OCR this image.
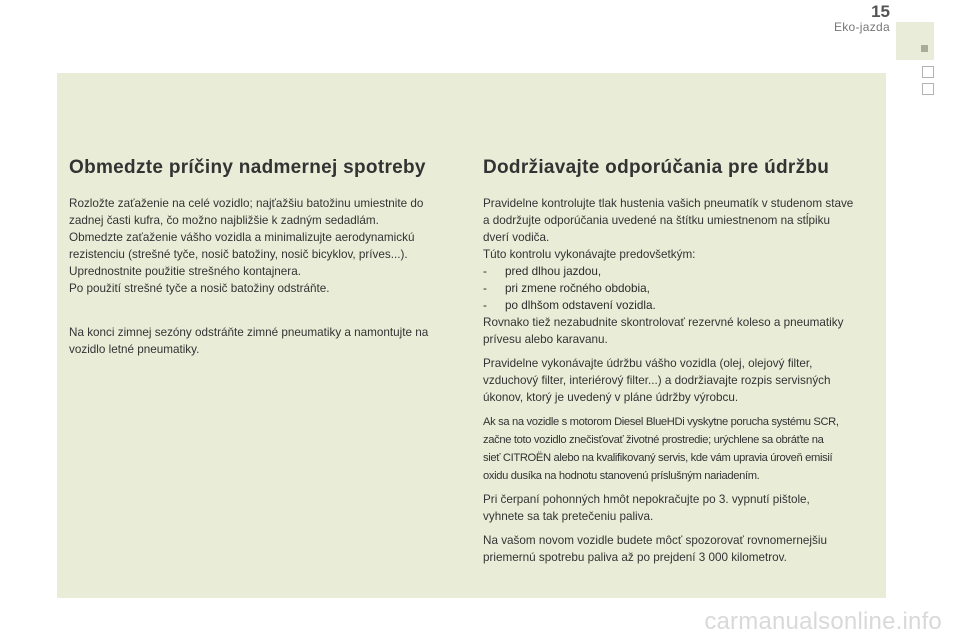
15
Eko-jazda
Obmedzte príčiny nadmernej spotreby

Rozložte zaťaženie na celé vozidlo; najťažšiu batožinu umiestnite do
zadnej časti kufra, čo možno najbližšie k zadným sedadlám.
Obmedzte zaťaženie vášho vozidla a minimalizujte aerodynamickú
rezistenciu (strešné tyče, nosič batožiny, nosič bicyklov, príves...).
Uprednostnite použitie strešného kontajnera.
Po použití strešné tyče a nosič batožiny odstráňte.

Na konci zimnej sezóny odstráňte zimné pneumatiky a namontujte na
vozidlo letné pneumatiky.

Dodržiavajte odporúčania pre údržbu

Pravidelne kontrolujte tlak hustenia vašich pneumatík v studenom stave
a dodržujte odporúčania uvedené na štítku umiestnenom na stĺpiku
dverí vodiča.
Túto kontrolu vykonávajte predovšetkým:

- pred dlhou jazdou,
- pri zmene ročného obdobia,
- po dlhšom odstavení vozidla.

Rovnako tiež nezabudnite skontrolovať rezervné koleso a pneumatiky
prívesu alebo karavanu.

Pravidelne vykonávajte údržbu vášho vozidla (olej, olejový filter,
vzduchový filter, interiérový filter...) a dodržiavajte rozpis servisných
úkonov, ktorý je uvedený v pláne údržby výrobcu.

Ak sa na vozidle s motorom Diesel BlueHDi vyskytne porucha systému SCR,
začne toto vozidlo znečisťovať životné prostredie; urýchlene sa obráťte na
sieť CITROËN alebo na kvalifikovaný servis, kde vám upravia úroveň emisií
oxidu dusíka na hodnotu stanovenú príslušným nariadením.

Pri čerpaní pohonných hmôt nepokračujte po 3. vypnutí pištole,
vyhnete sa tak pretečeniu paliva.

Na vašom novom vozidle budete môcť spozorovať rovnomernejšiu
priemernú spotrebu paliva až po prejdení 3 000 kilometrov.

carmanualsonline.info
